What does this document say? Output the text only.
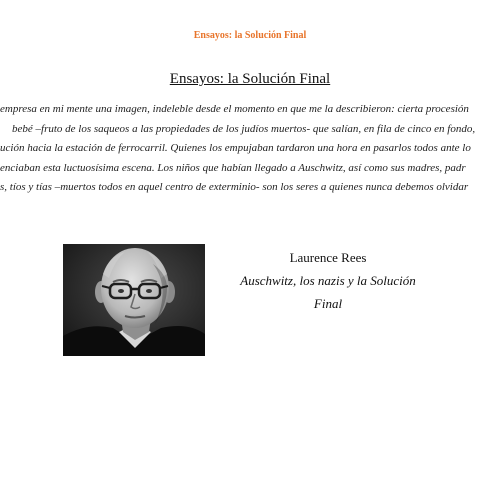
Ensayos: la Solución Final
Ensayos: la Solución Final
empresa en mi mente una imagen, indeleble desde el momento en que me la describieron: cierta procesión
bebé –fruto de los saqueos a las propiedades de los judíos muertos- que salían, en fila de cinco en fondo,
ución hacia la estación de ferrocarril. Quienes los empujaban tardaron una hora en pasarlos todos ante lo
enciaban esta luctuosísima escena. Los niños que habían llegado a Auschwitz, así como sus madres, padr
s, tíos y tías –muertos todos en aquel centro de exterminio- son los seres a quienes nunca debemos olvidar
Laurence Rees
Auschwitz, los nazis y la Solución
Final
